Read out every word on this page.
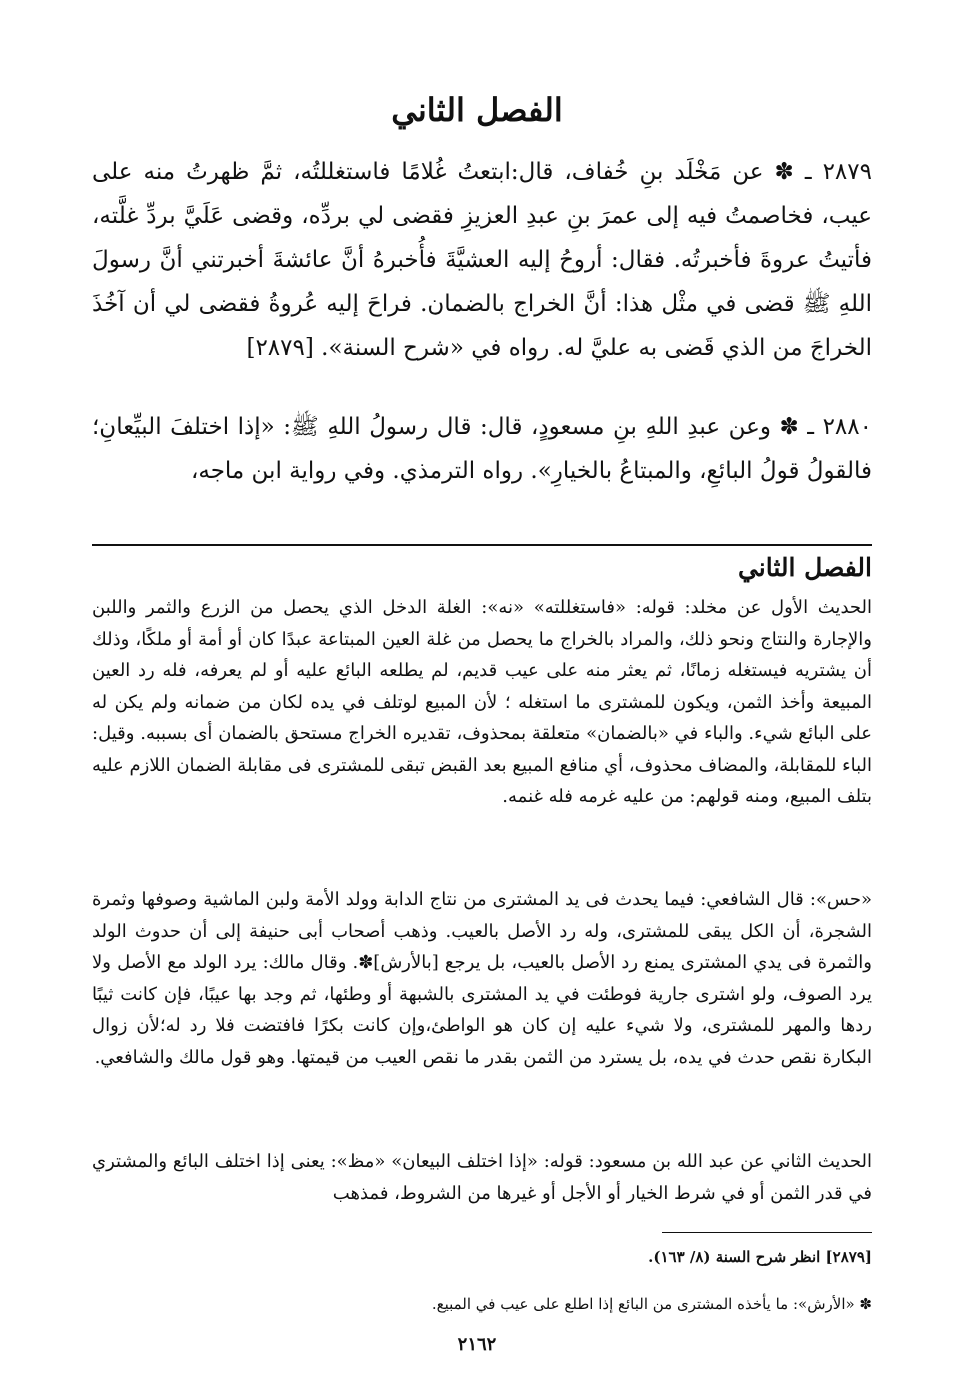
الفصل الثاني
٢٨٧٩ ـ ✽ عن مَخْلَد بنِ خُفاف، قال:ابتعتُ غُلامًا فاستغللتُه، ثمَّ ظهرتُ منه على عيب، فخاصمتُ فيه إلى عمرَ بنِ عبدِ العزيزِ فقضى لي بردِّه، وقضى عَلَيَّ بردِّ غلَّته، فأتيتُ عروةَ فأخبرتُه. فقال: أروحُ إليه العشيَّةَ فأُخبرهُ أنَّ عائشةَ أخبرتني أنَّ رسولَ اللهِ ﷺ قضى في مثْل هذا: أنَّ الخراج بالضمان. فراحَ إليه عُروةُ فقضى لي أن آخُذَ الخراجَ من الذي قَضى به عليَّ له. رواه في «شرح السنة». [٢٨٧٩]
٢٨٨٠ ـ ✽ وعن عبدِ اللهِ بنِ مسعودٍ، قال: قال رسولُ اللهِ ﷺ: «إذا اختلفَ البيِّعانِ؛ فالقولُ قولُ البائعِ، والمبتاعُ بالخيارِ». رواه الترمذي. وفي رواية ابن ماجه،
الفصل الثاني
الحديث الأول عن مخلد: قوله: «فاستغللته» «نه»: الغلة الدخل الذي يحصل من الزرع والثمر واللبن والإجارة والنتاج ونحو ذلك، والمراد بالخراج ما يحصل من غلة العين المبتاعة عبدًا كان أو أمة أو ملكًا، وذلك أن يشتريه فيستغله زمانًا، ثم يعثر منه على عيب قديم، لم يطلعه البائع عليه أو لم يعرفه، فله رد العين المبيعة وأخذ الثمن، ويكون للمشترى ما استغله ؛ لأن المبيع لوتلف في يده لكان من ضمانه ولم يكن له على البائع شيء. والباء في «بالضمان» متعلقة بمحذوف، تقديره الخراج مستحق بالضمان أى بسببه. وقيل: الباء للمقابلة، والمضاف محذوف، أي منافع المبيع بعد القبض تبقى للمشترى فى مقابلة الضمان اللازم عليه بتلف المبيع، ومنه قولهم: من عليه غرمه فله غنمه.
«حس»: قال الشافعي: فيما يحدث فى يد المشترى من نتاج الدابة وولد الأمة ولبن الماشية وصوفها وثمرة الشجرة، أن الكل يبقى للمشترى، وله رد الأصل بالعيب. وذهب أصحاب أبى حنيفة إلى أن حدوث الولد والثمرة فى يدي المشترى يمنع رد الأصل بالعيب، بل يرجع [بالأرش]✽. وقال مالك: يرد الولد مع الأصل ولا يرد الصوف، ولو اشترى جارية فوطئت في يد المشترى بالشبهة أو وطئها، ثم وجد بها عيبًا، فإن كانت ثيبًا ردها والمهر للمشترى، ولا شيء عليه إن كان هو الواطئ،وإن كانت بكرًا فافتضت فلا رد له؛لأن زوال البكارة نقص حدث في يده، بل يسترد من الثمن بقدر ما نقص العيب من قيمتها. وهو قول مالك والشافعي.
الحديث الثاني عن عبد الله بن مسعود: قوله: «إذا اختلف البيعان» «مظ»: يعنى إذا اختلف البائع والمشتري في قدر الثمن أو في شرط الخيار أو الأجل أو غيرها من الشروط، فمذهب
[٢٨٧٩] انظر شرح السنة (٨/ ١٦٣).
✽ «الأرش»: ما يأخذه المشترى من البائع إذا اطلع على عيب في المبيع.
٢١٦٢
